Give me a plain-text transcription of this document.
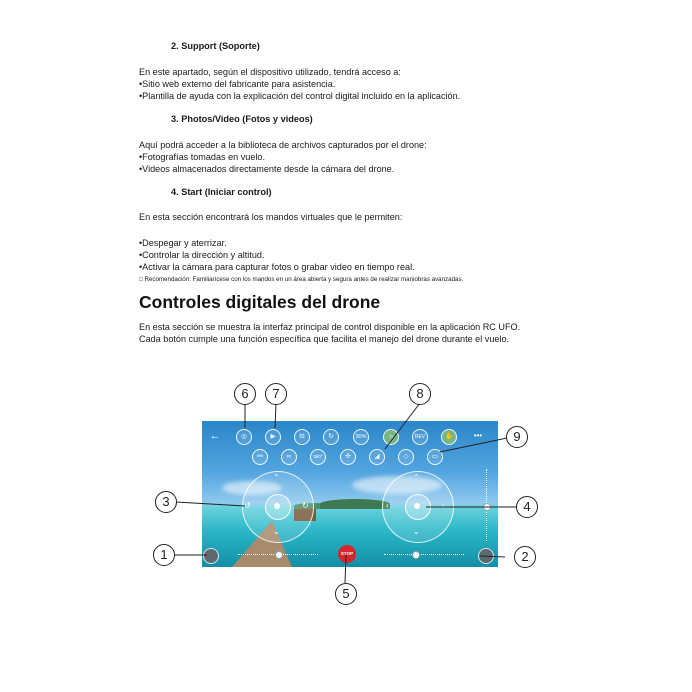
2. Support (Soporte)
En este apartado, según el dispositivo utilizado, tendrá acceso a:
•Sitio web externo del fabricante para asistencia.
•Plantilla de ayuda con la explicación del control digital incluido en la aplicación.
3. Photos/Video (Fotos y videos)
Aquí podrá acceder a la biblioteca de archivos capturados por el drone:
•Fotografías tomadas en vuelo.
•Videos almacenados directamente desde la cámara del drone.
4. Start (Iniciar control)
En esta sección encontrará los mandos virtuales que le permiten:
•Despegar y aterrizar.
•Controlar la dirección y altitud.
•Activar la cámara para capturar fotos o grabar video en tiempo real.
□ Recomendación: Familiarícese con los mandos en un área abierta y segura antes de realizar maniobras avanzadas.
Controles digitales del drone
En esta sección se muestra la interfaz principal de control disponible en la aplicación RC UFO.
Cada botón cumple una función específica que facilita el manejo del drone durante el vuelo.
←	◎	▶	⊟	↻	30%	☼	REV	✋	•••
⚯	∞	360°	✣	◢	◇	▭
⌃
↺	↻
⌄
⌃
‹	›
⌄
STOP
6	7	8
9
3	4
1	2
5
